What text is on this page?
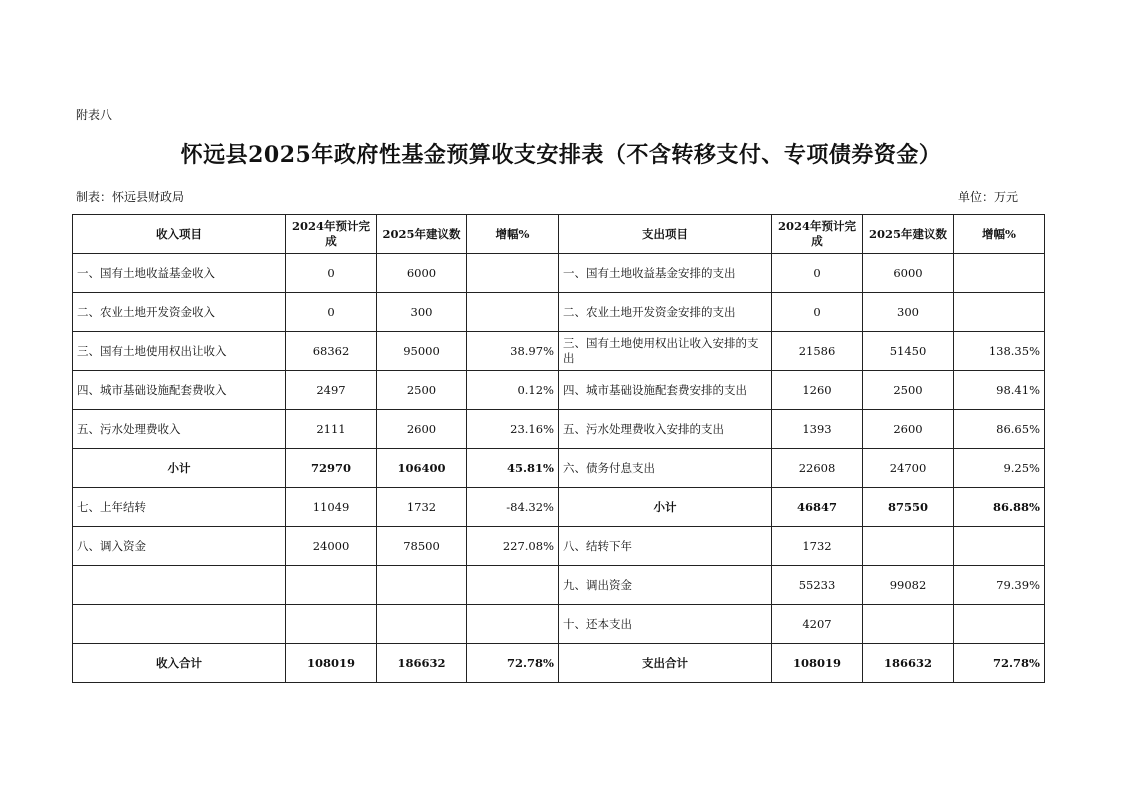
附表八
怀远县2025年政府性基金预算收支安排表（不含转移支付、专项债券资金）
制表：怀远县财政局	单位：万元
收入项目	2024年预计完成	2025年建议数	增幅%	支出项目	2024年预计完成	2025年建议数	增幅%
一、国有土地收益基金收入	0	6000		一、国有土地收益基金安排的支出	0	6000	
二、农业土地开发资金收入	0	300		二、农业土地开发资金安排的支出	0	300	
三、国有土地使用权出让收入	68362	95000	38.97%	三、国有土地使用权出让收入安排的支出	21586	51450	138.35%
四、城市基础设施配套费收入	2497	2500	0.12%	四、城市基础设施配套费安排的支出	1260	2500	98.41%
五、污水处理费收入	2111	2600	23.16%	五、污水处理费收入安排的支出	1393	2600	86.65%
小计	72970	106400	45.81%	六、债务付息支出	22608	24700	9.25%
七、上年结转	11049	1732	-84.32%	小计	46847	87550	86.88%
八、调入资金	24000	78500	227.08%	八、结转下年	1732		
				九、调出资金	55233	99082	79.39%
				十、还本支出	4207		
收入合计	108019	186632	72.78%	支出合计	108019	186632	72.78%
